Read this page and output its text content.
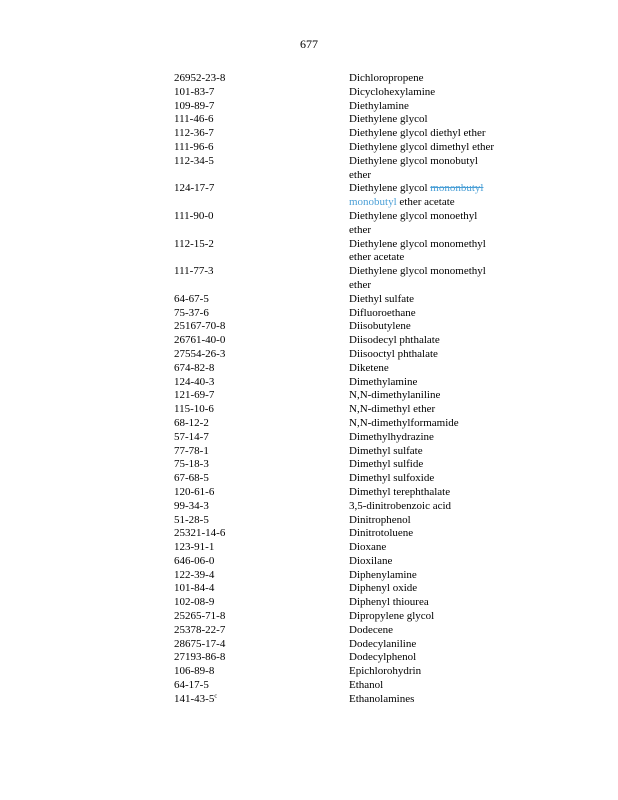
677
26952-23-8	Dichloropropene
101-83-7	Dicyclohexylamine
109-89-7	Diethylamine
111-46-6	Diethylene glycol
112-36-7	Diethylene glycol diethyl ether
111-96-6	Diethylene glycol dimethyl ether
112-34-5	Diethylene glycol monobutyl
ether
124-17-7	Diethylene glycol mononbutyl monobutyl ether acetate
111-90-0	Diethylene glycol monoethyl
ether
112-15-2	Diethylene glycol monomethyl
ether acetate
111-77-3	Diethylene glycol monomethyl
ether
64-67-5	Diethyl sulfate
75-37-6	Difluoroethane
25167-70-8	Diisobutylene
26761-40-0	Diisodecyl phthalate
27554-26-3	Diisooctyl phthalate
674-82-8	Diketene
124-40-3	Dimethylamine
121-69-7	N,N-dimethylaniline
115-10-6	N,N-dimethyl ether
68-12-2	N,N-dimethylformamide
57-14-7	Dimethylhydrazine
77-78-1	Dimethyl sulfate
75-18-3	Dimethyl sulfide
67-68-5	Dimethyl sulfoxide
120-61-6	Dimethyl terephthalate
99-34-3	3,5-dinitrobenzoic acid
51-28-5	Dinitrophenol
25321-14-6	Dinitrotoluene
123-91-1	Dioxane
646-06-0	Dioxilane
122-39-4	Diphenylamine
101-84-4	Diphenyl oxide
102-08-9	Diphenyl thiourea
25265-71-8	Dipropylene glycol
25378-22-7	Dodecene
28675-17-4	Dodecylaniline
27193-86-8	Dodecylphenol
106-89-8	Epichlorohydrin
64-17-5	Ethanol
141-43-5$^c$	Ethanolamines
